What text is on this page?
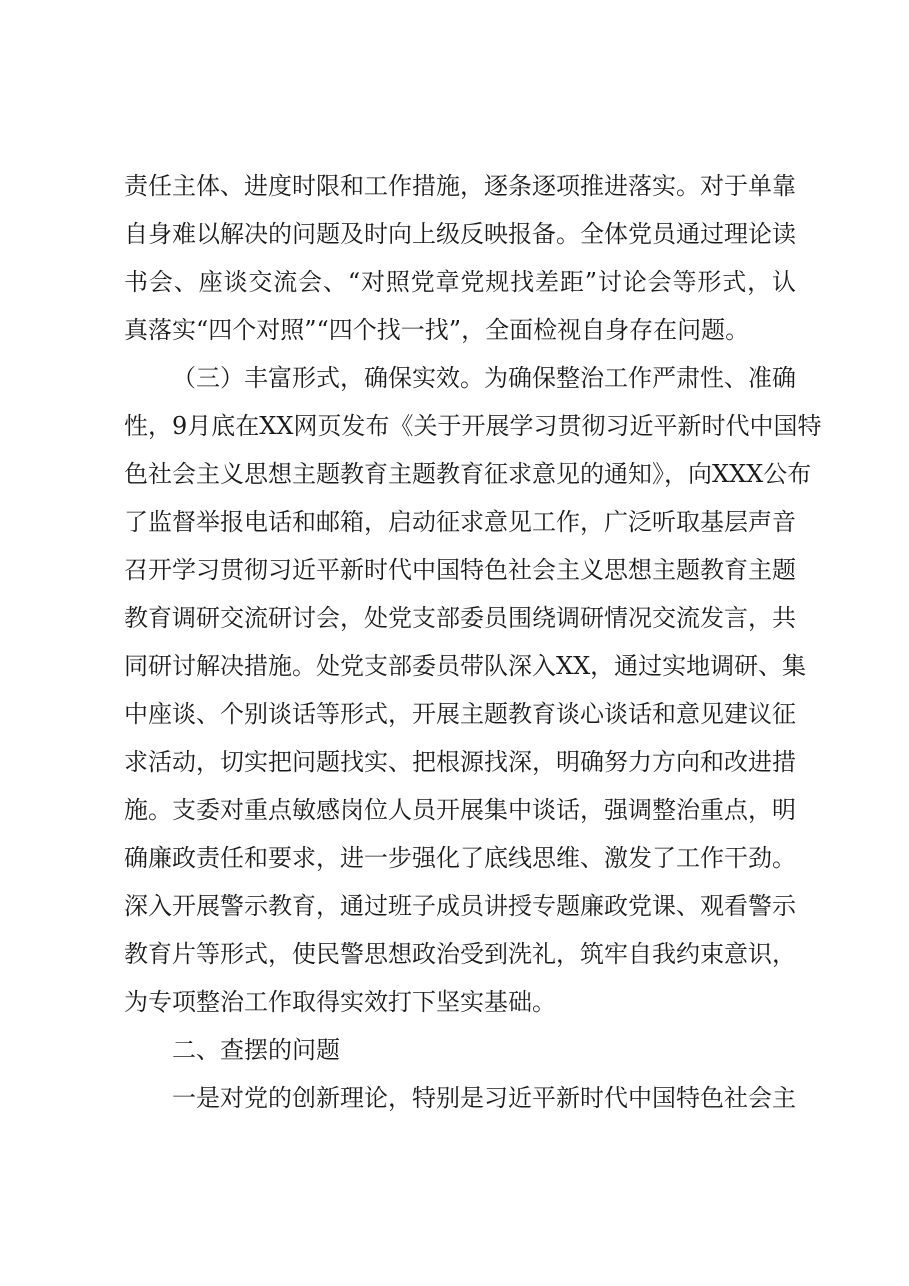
责任主体、进度时限和工作措施，逐条逐项推进落实。对于单靠
自身难以解决的问题及时向上级反映报备。全体党员通过理论读
书会、座谈交流会、“对照党章党规找差距”讨论会等形式，认
真落实“四个对照”“四个找一找”，全面检视自身存在问题。
（三）丰富形式，确保实效。为确保整治工作严肃性、准确
性，9月底在XX网页发布《关于开展学习贯彻习近平新时代中国特
色社会主义思想主题教育主题教育征求意见的通知》，向XXX公布
了监督举报电话和邮箱，启动征求意见工作，广泛听取基层声音
召开学习贯彻习近平新时代中国特色社会主义思想主题教育主题
教育调研交流研讨会，处党支部委员围绕调研情况交流发言，共
同研讨解决措施。处党支部委员带队深入XX，通过实地调研、集
中座谈、个别谈话等形式，开展主题教育谈心谈话和意见建议征
求活动，切实把问题找实、把根源找深，明确努力方向和改进措
施。支委对重点敏感岗位人员开展集中谈话，强调整治重点，明
确廉政责任和要求，进一步强化了底线思维、激发了工作干劲。
深入开展警示教育，通过班子成员讲授专题廉政党课、观看警示
教育片等形式，使民警思想政治受到洗礼，筑牢自我约束意识，
为专项整治工作取得实效打下坚实基础。
二、查摆的问题
一是对党的创新理论，特别是习近平新时代中国特色社会主
